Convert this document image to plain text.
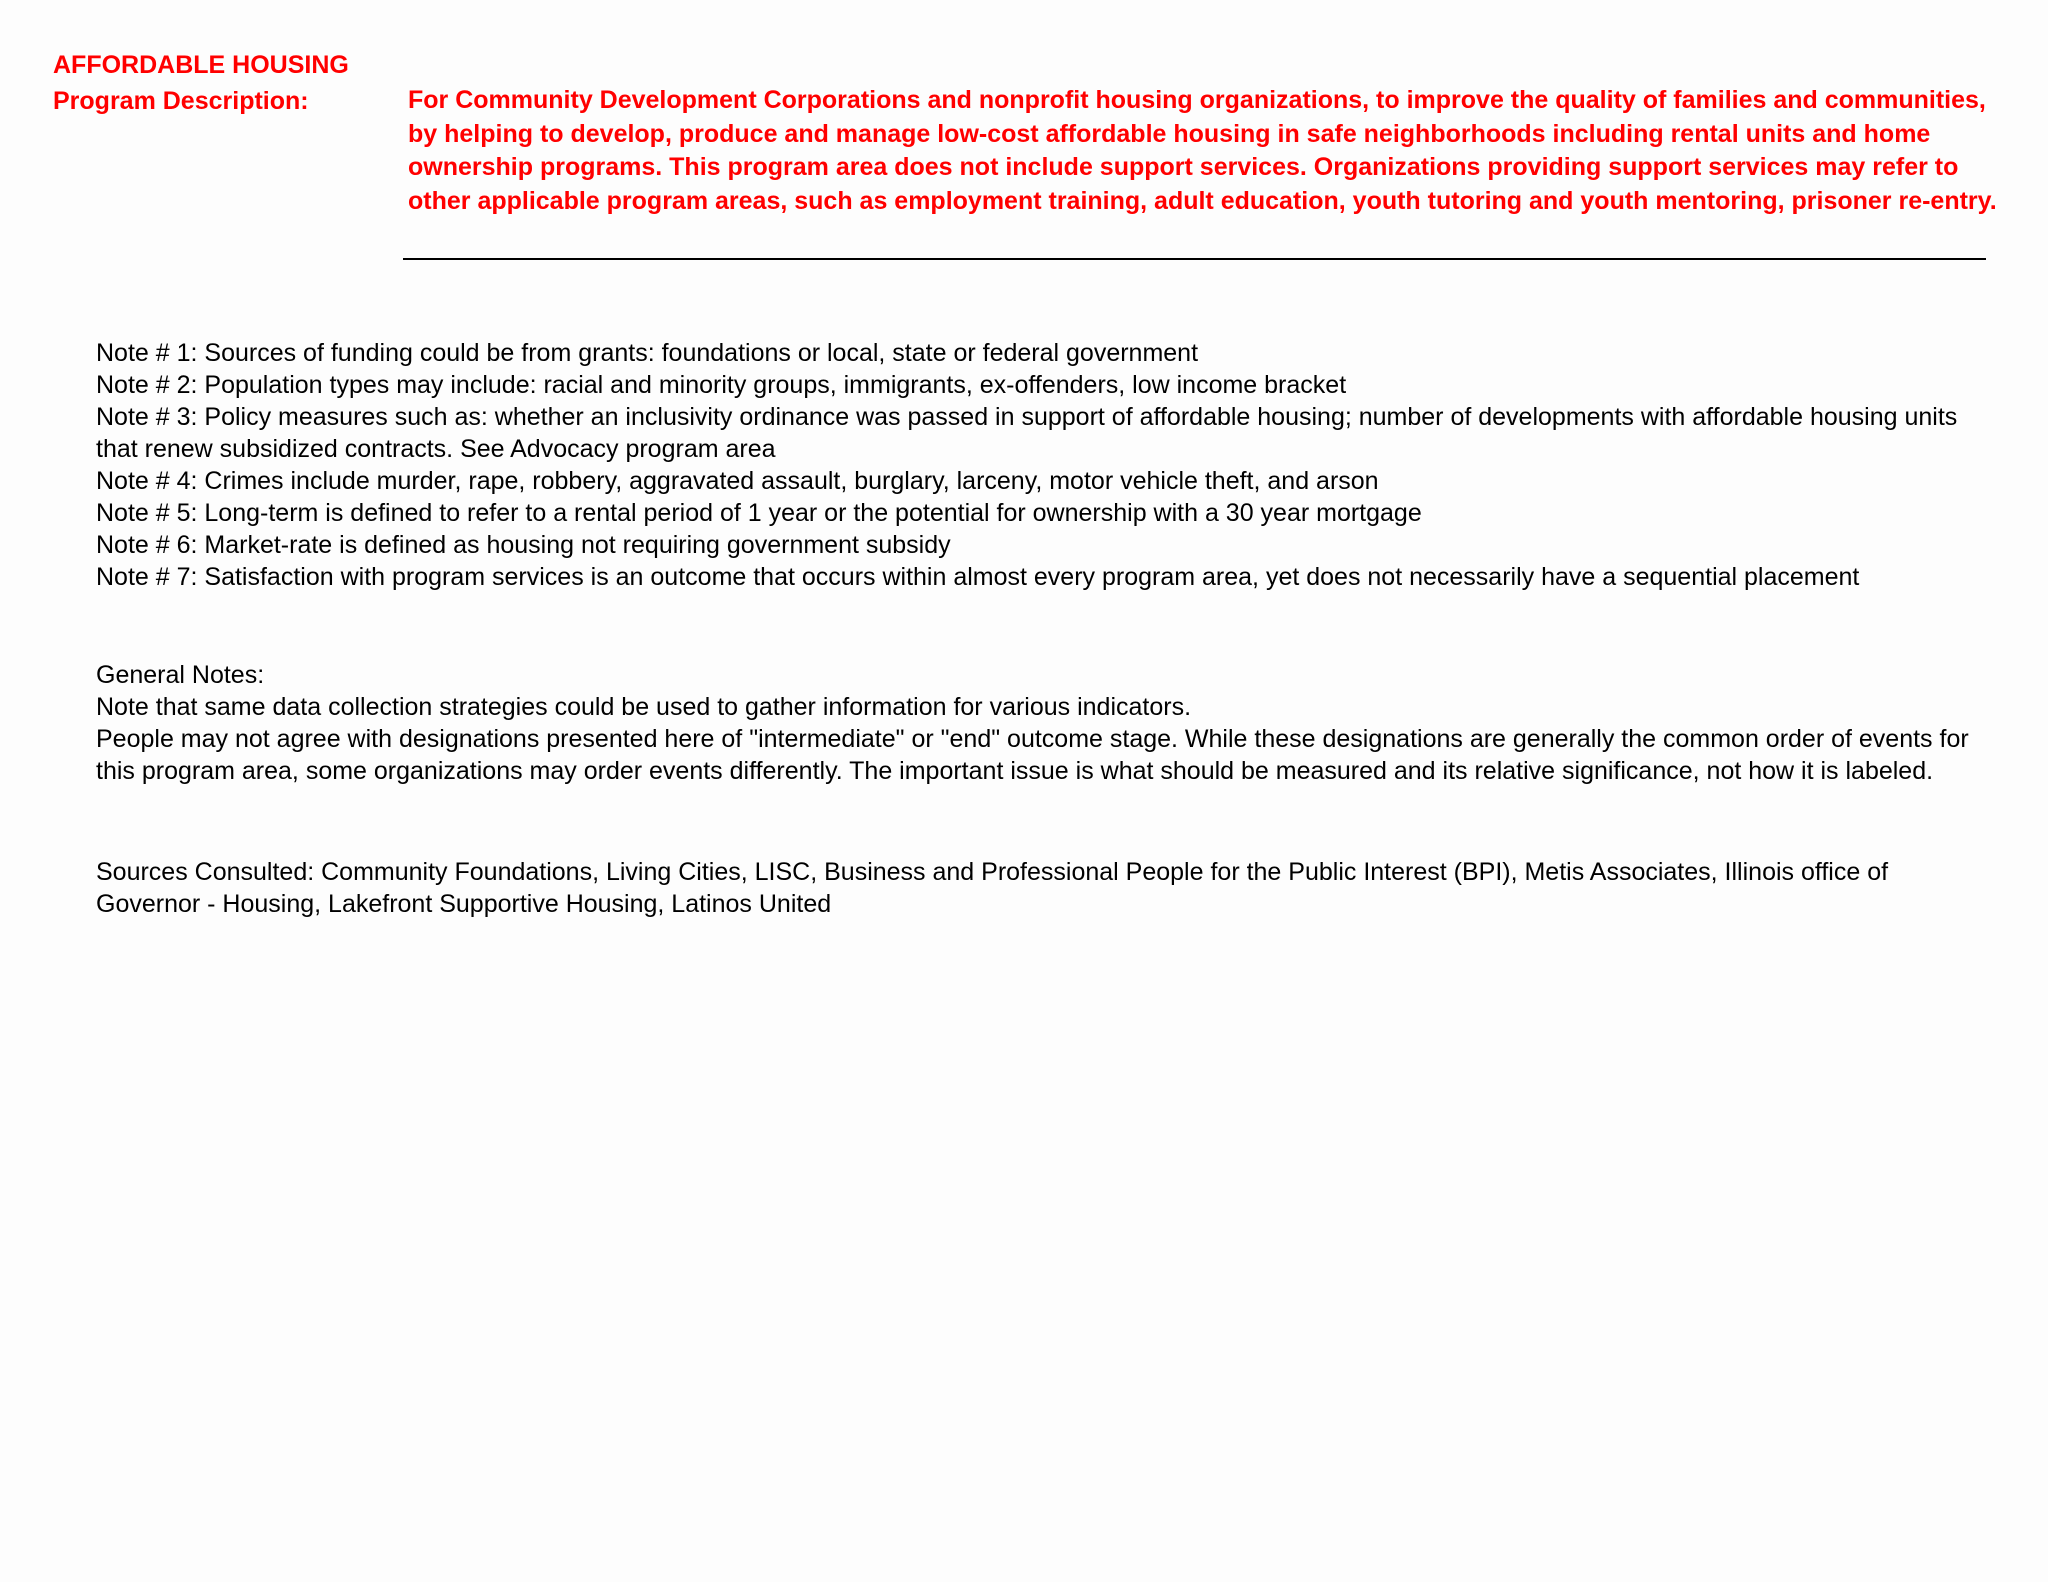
AFFORDABLE HOUSING
Program Description:	For Community Development Corporations and nonprofit housing organizations, to improve the quality of families and communities, by helping to develop, produce and manage low-cost affordable housing in safe neighborhoods including rental units and home ownership programs. This program area does not include support services. Organizations providing support services may refer to other applicable program areas, such as employment training, adult education, youth tutoring and youth mentoring, prisoner re-entry.

Note # 1: Sources of funding could be from grants: foundations or local, state or federal government

Note # 2: Population types may include: racial and minority groups, immigrants, ex-offenders, low income bracket

Note # 3: Policy measures such as: whether an inclusivity ordinance was passed in support of affordable housing; number of developments with affordable housing units that renew subsidized contracts. See Advocacy program area

Note # 4: Crimes include murder, rape, robbery, aggravated assault, burglary, larceny, motor vehicle theft, and arson

Note # 5: Long-term is defined to refer to a rental period of 1 year or the potential for ownership with a 30 year mortgage

Note # 6: Market-rate is defined as housing not requiring government subsidy

Note # 7: Satisfaction with program services is an outcome that occurs within almost every program area, yet does not necessarily have a sequential placement

General Notes:

Note that same data collection strategies could be used to gather information for various indicators.

People may not agree with designations presented here of "intermediate" or "end" outcome stage. While these designations are generally the common order of events for this program area, some organizations may order events differently. The important issue is what should be measured and its relative significance, not how it is labeled.

Sources Consulted: Community Foundations, Living Cities, LISC, Business and Professional People for the Public Interest (BPI), Metis Associates, Illinois office of Governor - Housing, Lakefront Supportive Housing, Latinos United
